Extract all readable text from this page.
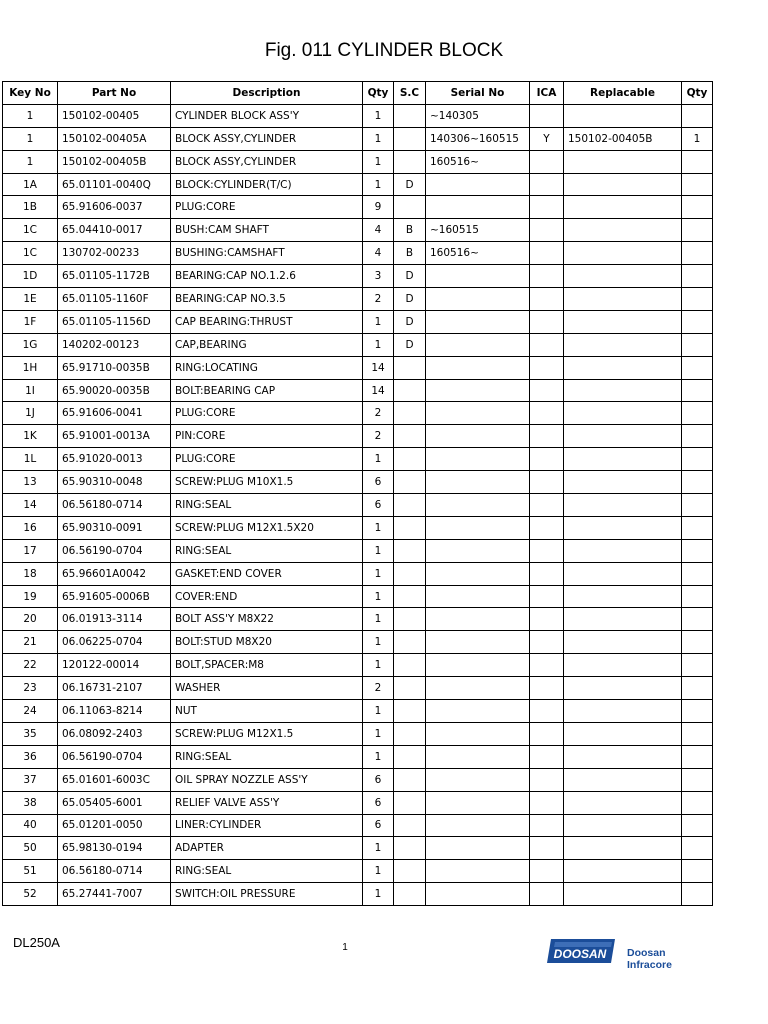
Fig. 011 CYLINDER BLOCK
Key No	Part No	Description	Qty	S.C	Serial No	ICA	Replacable	Qty
1	150102-00405	CYLINDER BLOCK ASS'Y	1		~140305			
1	150102-00405A	BLOCK ASSY,CYLINDER	1		140306~160515	Y	150102-00405B	1
1	150102-00405B	BLOCK ASSY,CYLINDER	1		160516~			
1A	65.01101-0040Q	BLOCK:CYLINDER(T/C)	1	D				
1B	65.91606-0037	PLUG:CORE	9					
1C	65.04410-0017	BUSH:CAM SHAFT	4	B	~160515			
1C	130702-00233	BUSHING:CAMSHAFT	4	B	160516~			
1D	65.01105-1172B	BEARING:CAP NO.1.2.6	3	D				
1E	65.01105-1160F	BEARING:CAP NO.3.5	2	D				
1F	65.01105-1156D	CAP BEARING:THRUST	1	D				
1G	140202-00123	CAP,BEARING	1	D				
1H	65.91710-0035B	RING:LOCATING	14					
1I	65.90020-0035B	BOLT:BEARING CAP	14					
1J	65.91606-0041	PLUG:CORE	2					
1K	65.91001-0013A	PIN:CORE	2					
1L	65.91020-0013	PLUG:CORE	1					
13	65.90310-0048	SCREW:PLUG M10X1.5	6					
14	06.56180-0714	RING:SEAL	6					
16	65.90310-0091	SCREW:PLUG M12X1.5X20	1					
17	06.56190-0704	RING:SEAL	1					
18	65.96601A0042	GASKET:END COVER	1					
19	65.91605-0006B	COVER:END	1					
20	06.01913-3114	BOLT ASS'Y M8X22	1					
21	06.06225-0704	BOLT:STUD M8X20	1					
22	120122-00014	BOLT,SPACER:M8	1					
23	06.16731-2107	WASHER	2					
24	06.11063-8214	NUT	1					
35	06.08092-2403	SCREW:PLUG M12X1.5	1					
36	06.56190-0704	RING:SEAL	1					
37	65.01601-6003C	OIL SPRAY NOZZLE ASS'Y	6					
38	65.05405-6001	RELIEF VALVE ASS'Y	6					
40	65.01201-0050	LINER:CYLINDER	6					
50	65.98130-0194	ADAPTER	1					
51	06.56180-0714	RING:SEAL	1					
52	65.27441-7007	SWITCH:OIL PRESSURE	1					
DL250A	1	DOOSAN Doosan Infracore
